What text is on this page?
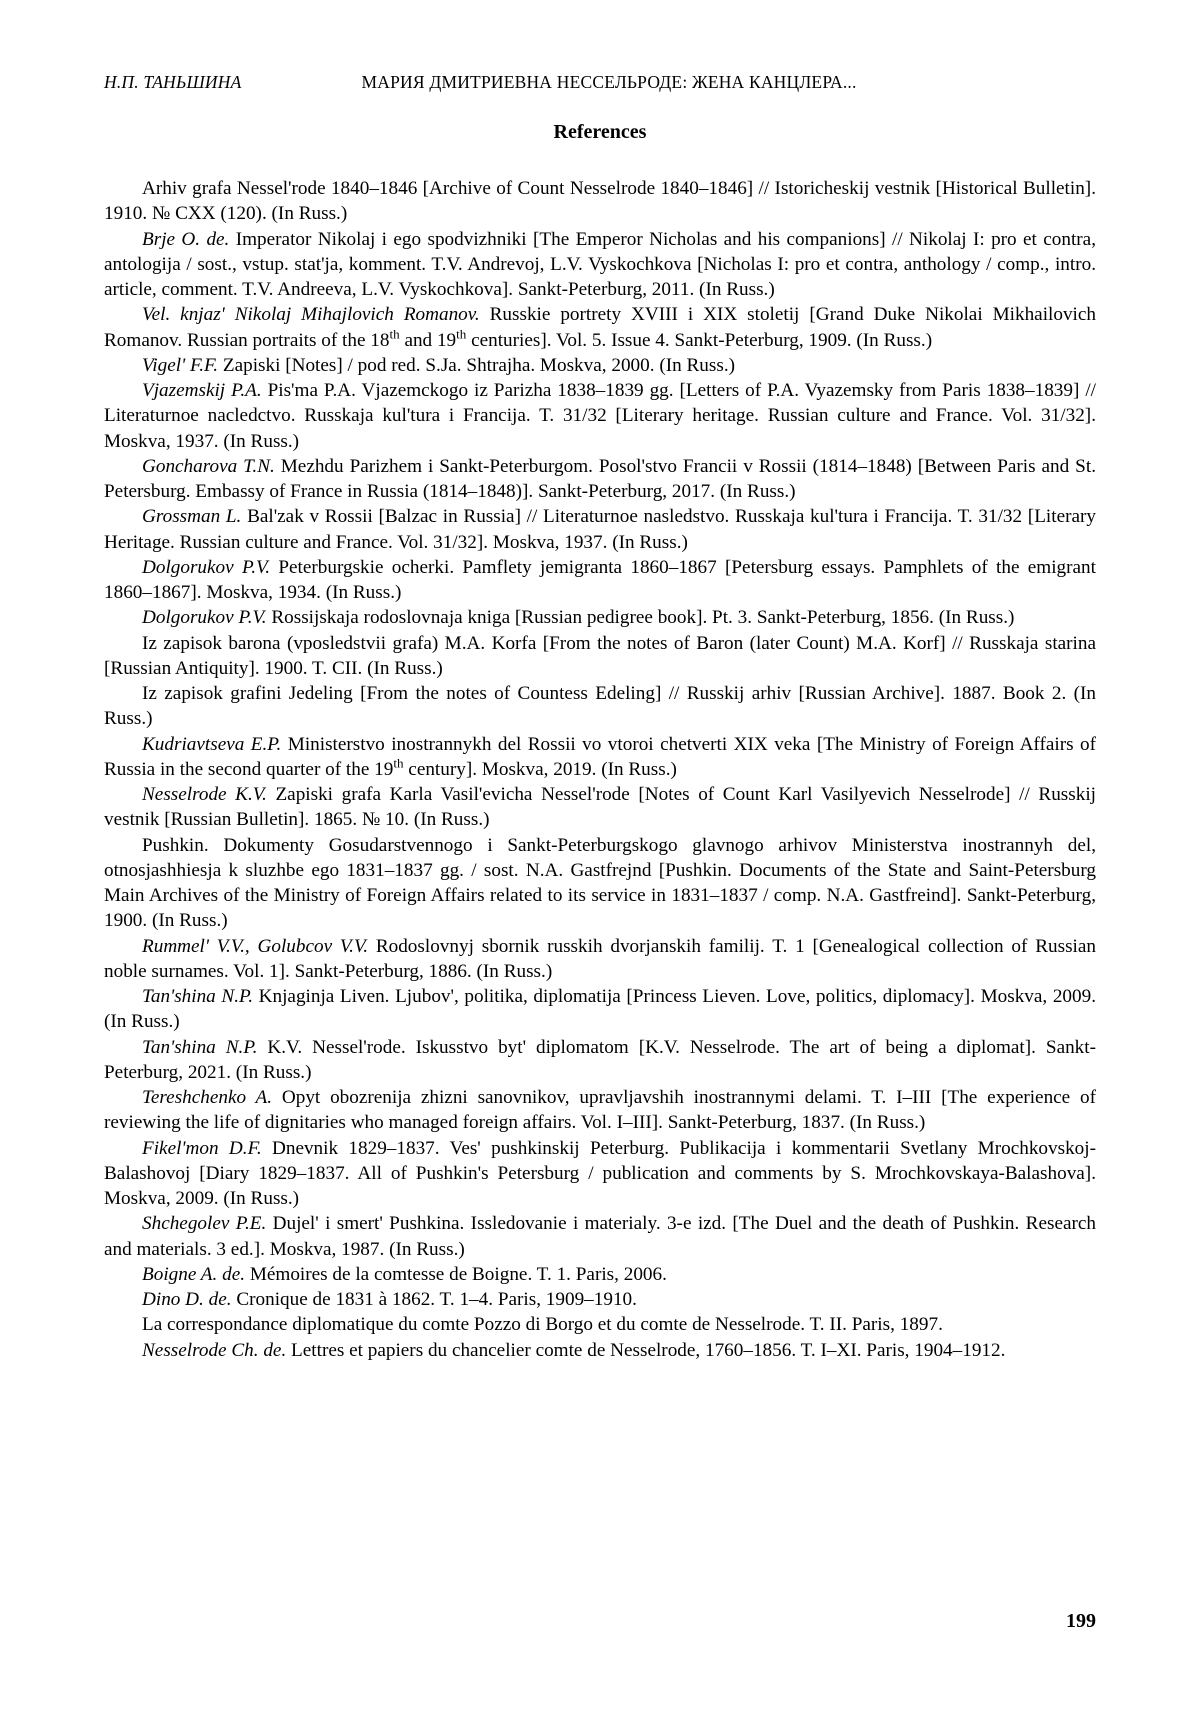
Н.П. ТАНЬШИНА	МАРИЯ ДМИТРИЕВНА НЕССЕЛЬРОДЕ: ЖЕНА КАНЦЛЕРА...
References

Arhiv grafa Nessel'rode 1840–1846 [Archive of Count Nesselrode 1840–1846] // Istoricheskij vestnik [Historical Bulletin]. 1910. № CXX (120). (In Russ.)

Brje O. de. Imperator Nikolaj i ego spodvizhniki [The Emperor Nicholas and his companions] // Nikolaj I: pro et contra, antologija / sost., vstup. stat'ja, komment. T.V. Andrevoj, L.V. Vyskochkova [Nicholas I: pro et contra, anthology / comp., intro. article, comment. T.V. Andreeva, L.V. Vyskochkova]. Sankt-Peterburg, 2011. (In Russ.)

Vel. knjaz' Nikolaj Mihajlovich Romanov. Russkie portrety XVIII i XIX stoletij [Grand Duke Nikolai Mikhailovich Romanov. Russian portraits of the 18th and 19th centuries]. Vol. 5. Issue 4. Sankt-Peterburg, 1909. (In Russ.)

Vigel' F.F. Zapiski [Notes] / pod red. S.Ja. Shtrajha. Moskva, 2000. (In Russ.)

Vjazemskij P.A. Pis'ma P.A. Vjazemckogo iz Parizha 1838–1839 gg. [Letters of P.A. Vyazemsky from Paris 1838–1839] // Literaturnoe nacledctvo. Russkaja kul'tura i Francija. T. 31/32 [Literary heritage. Russian culture and France. Vol. 31/32]. Moskva, 1937. (In Russ.)

Goncharova T.N. Mezhdu Parizhem i Sankt-Peterburgom. Posol'stvo Francii v Rossii (1814–1848) [Between Paris and St. Petersburg. Embassy of France in Russia (1814–1848)]. Sankt-Peterburg, 2017. (In Russ.)

Grossman L. Bal'zak v Rossii [Balzac in Russia] // Literaturnoe nasledstvo. Russkaja kul'tura i Francija. T. 31/32 [Literary Heritage. Russian culture and France. Vol. 31/32]. Moskva, 1937. (In Russ.)

Dolgorukov P.V. Peterburgskie ocherki. Pamflety jemigranta 1860–1867 [Petersburg essays. Pamphlets of the emigrant 1860–1867]. Moskva, 1934. (In Russ.)

Dolgorukov P.V. Rossijskaja rodoslovnaja kniga [Russian pedigree book]. Pt. 3. Sankt-Peterburg, 1856. (In Russ.)

Iz zapisok barona (vposledstvii grafa) M.A. Korfa [From the notes of Baron (later Count) M.A. Korf] // Russkaja starina [Russian Antiquity]. 1900. T. CII. (In Russ.)

Iz zapisok grafini Jedeling [From the notes of Countess Edeling] // Russkij arhiv [Russian Archive]. 1887. Book 2. (In Russ.)

Kudriavtseva E.P. Ministerstvo inostrannykh del Rossii vo vtoroi chetverti XIX veka [The Ministry of Foreign Affairs of Russia in the second quarter of the 19th century]. Moskva, 2019. (In Russ.)

Nesselrode K.V. Zapiski grafa Karla Vasil'evicha Nessel'rode [Notes of Count Karl Vasilyevich Nesselrode] // Russkij vestnik [Russian Bulletin]. 1865. № 10. (In Russ.)

Pushkin. Dokumenty Gosudarstvennogo i Sankt-Peterburgskogo glavnogo arhivov Ministerstva inostrannyh del, otnosjashhiesja k sluzhbe ego 1831–1837 gg. / sost. N.A. Gastfrejnd [Pushkin. Documents of the State and Saint-Petersburg Main Archives of the Ministry of Foreign Affairs related to its service in 1831–1837 / comp. N.A. Gastfreind]. Sankt-Peterburg, 1900. (In Russ.)

Rummel' V.V., Golubcov V.V. Rodoslovnyj sbornik russkih dvorjanskih familij. T. 1 [Genealogical collection of Russian noble surnames. Vol. 1]. Sankt-Peterburg, 1886. (In Russ.)

Tan'shina N.P. Knjaginja Liven. Ljubov', politika, diplomatija [Princess Lieven. Love, politics, diplomacy]. Moskva, 2009. (In Russ.)

Tan'shina N.P. K.V. Nessel'rode. Iskusstvo byt' diplomatom [K.V. Nesselrode. The art of being a diplomat]. Sankt-Peterburg, 2021. (In Russ.)

Tereshchenko A. Opyt obozrenija zhizni sanovnikov, upravljavshih inostrannymi delami. T. I–III [The experience of reviewing the life of dignitaries who managed foreign affairs. Vol. I–III]. Sankt-Peterburg, 1837. (In Russ.)

Fikel'mon D.F. Dnevnik 1829–1837. Ves' pushkinskij Peterburg. Publikacija i kommentarii Svetlany Mrochkovskoj-Balashovoj [Diary 1829–1837. All of Pushkin's Petersburg / publication and comments by S. Mrochkovskaya-Balashova]. Moskva, 2009. (In Russ.)

Shchegolev P.E. Dujel' i smert' Pushkina. Issledovanie i materialy. 3-e izd. [The Duel and the death of Pushkin. Research and materials. 3 ed.]. Moskva, 1987. (In Russ.)

Boigne A. de. Mémoires de la comtesse de Boigne. T. 1. Paris, 2006.

Dino D. de. Cronique de 1831 à 1862. T. 1–4. Paris, 1909–1910.

La correspondance diplomatique du comte Pozzo di Borgo et du comte de Nesselrode. T. II. Paris, 1897.

Nesselrode Ch. de. Lettres et papiers du chancelier comte de Nesselrode, 1760–1856. T. I–XI. Paris, 1904–1912.

199
